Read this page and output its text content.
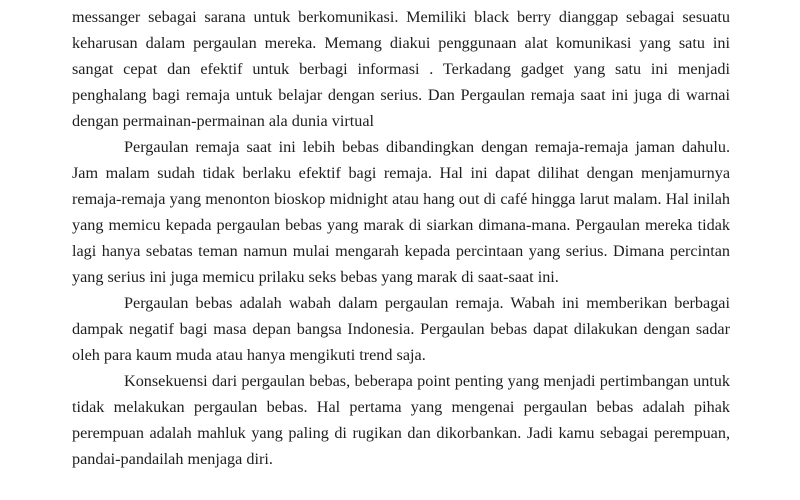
messanger sebagai sarana untuk berkomunikasi. Memiliki black berry dianggap sebagai sesuatu keharusan dalam pergaulan mereka. Memang diakui penggunaan alat komunikasi yang satu ini sangat cepat dan efektif untuk berbagi informasi . Terkadang gadget yang satu ini menjadi penghalang bagi remaja untuk belajar dengan serius. Dan Pergaulan remaja saat ini juga di warnai dengan permainan-permainan ala dunia virtual

Pergaulan remaja saat ini lebih bebas dibandingkan dengan remaja-remaja jaman dahulu. Jam malam sudah tidak berlaku efektif bagi remaja. Hal ini dapat dilihat dengan menjamurnya remaja-remaja yang menonton bioskop midnight atau hang out di café hingga larut malam. Hal inilah yang memicu kepada pergaulan bebas yang marak di siarkan dimana-mana. Pergaulan mereka tidak lagi hanya sebatas teman namun mulai mengarah kepada percintaan yang serius. Dimana percintan yang serius ini juga memicu prilaku seks bebas yang marak di saat-saat ini.

Pergaulan bebas adalah wabah dalam pergaulan remaja. Wabah ini memberikan berbagai dampak negatif bagi masa depan bangsa Indonesia. Pergaulan bebas dapat dilakukan dengan sadar oleh para kaum muda atau hanya mengikuti trend saja.

Konsekuensi dari pergaulan bebas, beberapa point penting yang menjadi pertimbangan untuk tidak melakukan pergaulan bebas. Hal pertama yang mengenai pergaulan bebas adalah pihak perempuan adalah mahluk yang paling di rugikan dan dikorbankan. Jadi kamu sebagai perempuan, pandai-pandailah menjaga diri.
